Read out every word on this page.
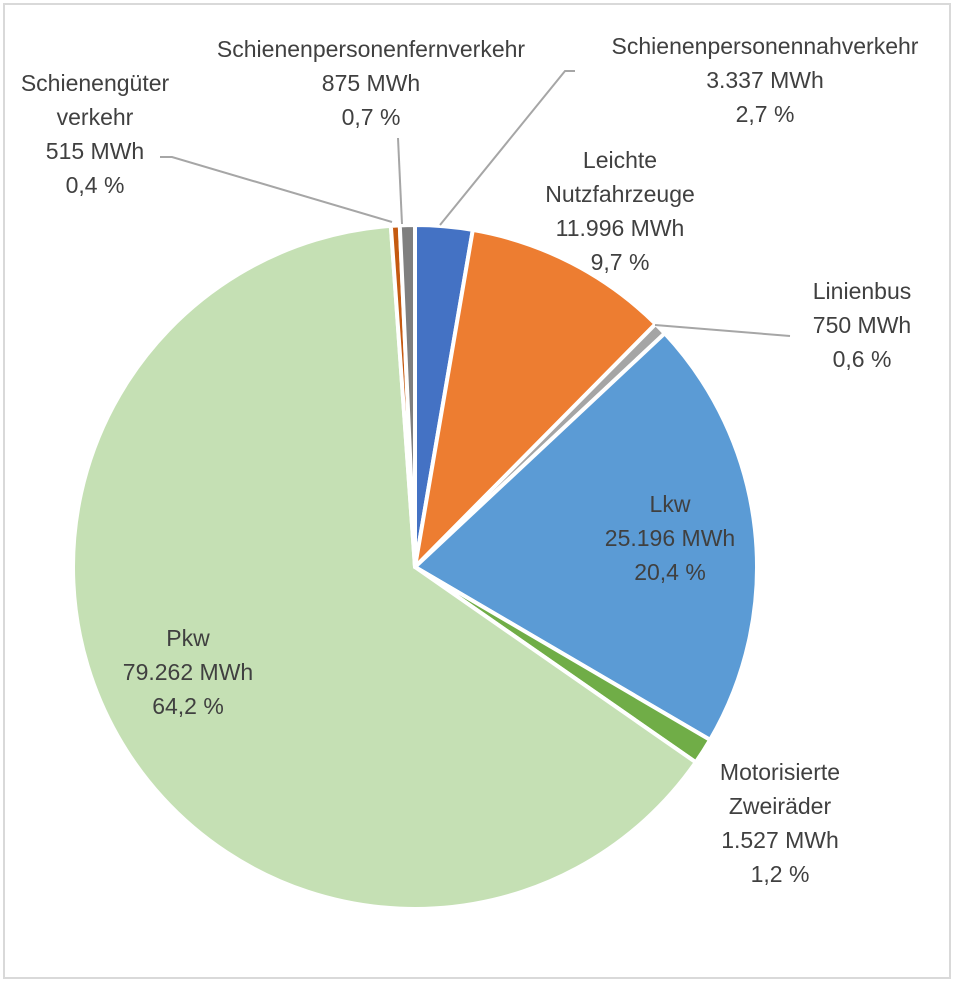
Schienenpersonennahverkehr 3.337 MWh 2,7 %
Leichte Nutzfahrzeuge 11.996 MWh 9,7 %
Linienbus 750 MWh 0,6 %
Lkw 25.196 MWh 20,4 %
Motorisierte Zweiräder 1.527 MWh 1,2 %
Pkw 79.262 MWh 64,2 %
Schienengüter verkehr 515 MWh 0,4 %
Schienenpersonenfernverkehr 875 MWh 0,7 %
